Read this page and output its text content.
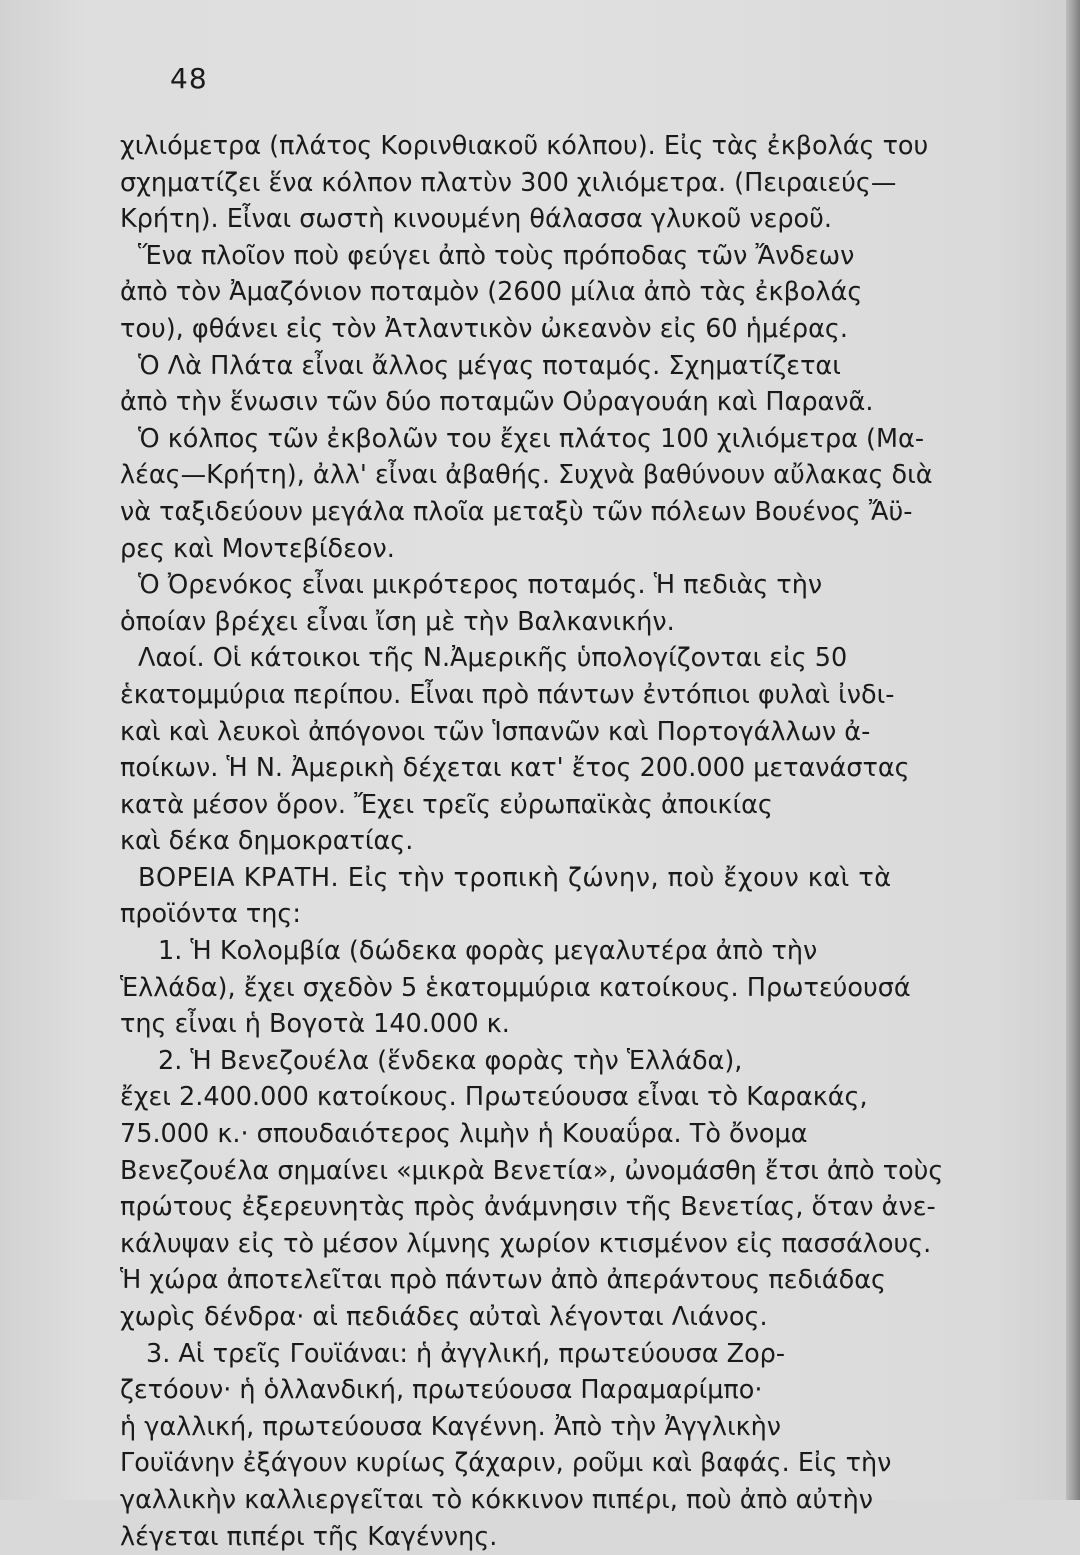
48
χιλιόμετρα (πλάτος Κορινθιακοῦ κόλπου). Εἰς τὰς ἐκβολάς του
σχηματίζει ἕνα κόλπον πλατὺν 300 χιλιόμετρα. (Πειραιεύς—
Κρήτη). Εἶναι σωστὴ κινουμένη θάλασσα γλυκοῦ νεροῦ.
Ἕνα πλοῖον ποὺ φεύγει ἀπὸ τοὺς πρόποδας τῶν Ἄνδεων
ἀπὸ τὸν Ἀμαζόνιον ποταμὸν (2600 μίλια ἀπὸ τὰς ἐκβολάς
του), φθάνει εἰς τὸν Ἀτλαντικὸν ὠκεανὸν εἰς 60 ἡμέρας.
Ὁ Λὰ Πλάτα εἶναι ἄλλος μέγας ποταμός. Σχηματίζεται
ἀπὸ τὴν ἕνωσιν τῶν δύο ποταμῶν Οὐραγουάη καὶ Παρανᾶ.
Ὁ κόλπος τῶν ἐκβολῶν του ἔχει πλάτος 100 χιλιόμετρα (Μα-
λέας—Κρήτη), ἀλλ' εἶναι ἀβαθής. Συχνὰ βαθύνουν αὔλακας διὰ
νὰ ταξιδεύουν μεγάλα πλοῖα μεταξὺ τῶν πόλεων Βουένος Ἄϋ-
ρες καὶ Μοντεβίδεον.
Ὁ Ὀρενόκος εἶναι μικρότερος ποταμός. Ἡ πεδιὰς τὴν
ὁποίαν βρέχει εἶναι ἴση μὲ τὴν Βαλκανικήν.
Λαοί. Οἱ κάτοικοι τῆς Ν.Ἀμερικῆς ὑπολογίζονται εἰς 50
ἑκατομμύρια περίπου. Εἶναι πρὸ πάντων ἐντόπιοι φυλαὶ ἰνδι-
καὶ καὶ λευκοὶ ἀπόγονοι τῶν Ἱσπανῶν καὶ Πορτογάλλων ἀ-
ποίκων. Ἡ Ν. Ἀμερικὴ δέχεται κατ' ἔτος 200.000 μετανάστας
κατὰ μέσον ὅρον. Ἔχει τρεῖς εὐρωπαϊκὰς ἀποικίας
καὶ δέκα δημοκρατίας.
ΒΟΡΕΙΑ ΚΡΑΤΗ. Εἰς τὴν τροπικὴ ζώνην, ποὺ ἔχουν καὶ τὰ
προϊόντα της:
1. Ἡ Κολομβία (δώδεκα φορὰς μεγαλυτέρα ἀπὸ τὴν
Ἑλλάδα), ἔχει σχεδὸν 5 ἑκατομμύρια κατοίκους. Πρωτεύουσά
της εἶναι ἡ Βογοτὰ 140.000 κ.
2. Ἡ Βενεζουέλα (ἕνδεκα φορὰς τὴν Ἑλλάδα),
ἔχει 2.400.000 κατοίκους. Πρωτεύουσα εἶναι τὸ Καρακάς,
75.000 κ.· σπουδαιότερος λιμὴν ἡ Κουαΰρα. Τὸ ὄνομα
Βενεζουέλα σημαίνει «μικρὰ Βενετία», ὠνομάσθη ἔτσι ἀπὸ τοὺς
πρώτους ἐξερευνητὰς πρὸς ἀνάμνησιν τῆς Βενετίας, ὅταν ἀνε-
κάλυψαν εἰς τὸ μέσον λίμνης χωρίον κτισμένον εἰς πασσάλους.
Ἡ χώρα ἀποτελεῖται πρὸ πάντων ἀπὸ ἀπεράντους πεδιάδας
χωρὶς δένδρα· αἱ πεδιάδες αὐταὶ λέγονται Λιάνος.
3. Αἱ τρεῖς Γουϊάναι: ἡ ἀγγλική, πρωτεύουσα Ζορ-
ζετόουν· ἡ ὁλλανδική, πρωτεύουσα Παραμαρίμπο·
ἡ γαλλική, πρωτεύουσα Καγέννη. Ἀπὸ τὴν Ἀγγλικὴν
Γουϊάνην ἐξάγουν κυρίως ζάχαριν, ροῦμι καὶ βαφάς. Εἰς τὴν
γαλλικὴν καλλιεργεῖται τὸ κόκκινον πιπέρι, ποὺ ἀπὸ αὐτὴν
λέγεται πιπέρι τῆς Καγέννης.
